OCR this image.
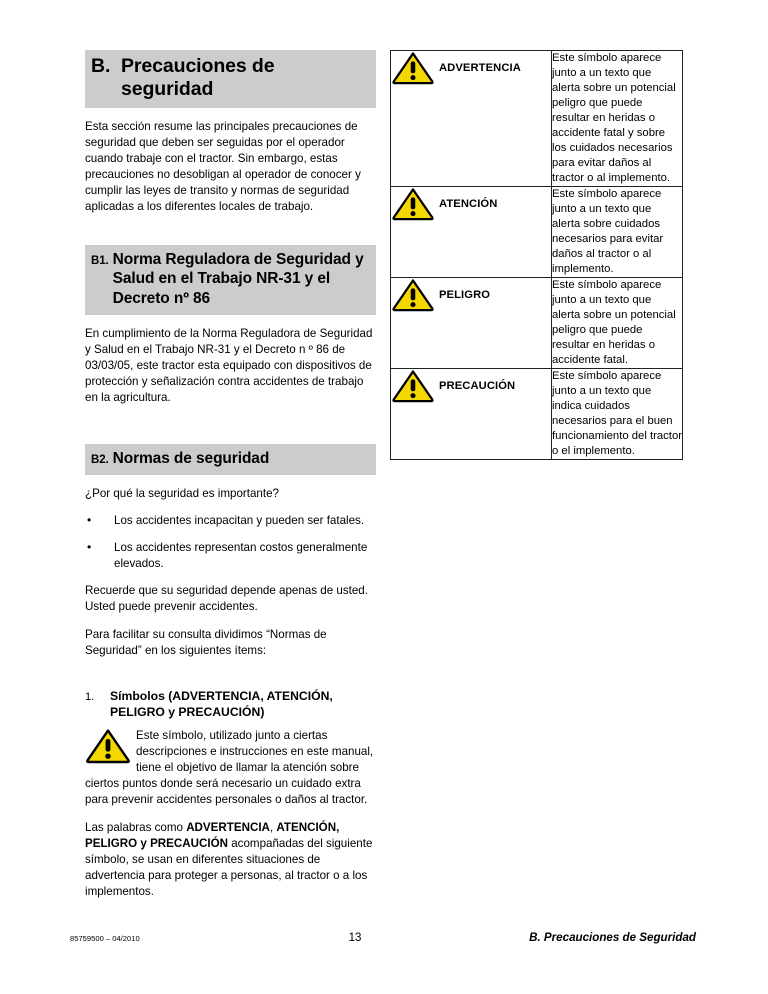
B. Precauciones de seguridad

Esta sección resume las principales precauciones de seguridad que deben ser seguidas por el operador cuando trabaje con el tractor. Sin embargo, estas precauciones no desobligan al operador de conocer y cumplir las leyes de transito y normas de seguridad aplicadas a los diferentes locales de trabajo.

B1. Norma Reguladora de Seguridad y Salud en el Trabajo NR-31 y el Decreto nº 86

En cumplimiento de la Norma Reguladora de Seguridad y Salud en el Trabajo NR-31 y el Decreto n º 86 de 03/03/05, este tractor esta equipado con dispositivos de protección y señalización contra accidentes de trabajo en la agricultura.

B2. Normas de seguridad

¿Por qué la seguridad es importante?

• Los accidentes incapacitan y pueden ser fatales.
• Los accidentes representan costos generalmente elevados.

Recuerde que su seguridad depende apenas de usted. Usted puede prevenir accidentes.

Para facilitar su consulta dividimos “Normas de Seguridad” en los siguientes ítems:

1.	Símbolos (ADVERTENCIA, ATENCIÓN, PELIGRO y PRECAUCIÓN)
Este símbolo, utilizado junto a ciertas descripciones e instrucciones en este manual, tiene el objetivo de llamar la atención sobre ciertos puntos donde será necesario un cuidado extra para prevenir accidentes personales o daños al tractor.

Las palabras como ADVERTENCIA, ATENCIÓN, PELIGRO y PRECAUCIÓN acompañadas del siguiente símbolo, se usan en diferentes situaciones de advertencia para proteger a personas, al tractor o a los implementos.

ADVERTENCIA	Este símbolo aparece junto a un texto que alerta sobre un potencial peligro que puede resultar en heridas o accidente fatal y sobre los cuidados necesarios para evitar daños al tractor o al implemento.

ATENCIÓN	Este símbolo aparece junto a un texto que alerta sobre cuidados necesarios para evitar daños al tractor o al implemento.

PELIGRO	Este símbolo aparece junto a un texto que alerta sobre un potencial peligro que puede resultar en heridas o accidente fatal.

PRECAUCIÓN	Este símbolo aparece junto a un texto que indica cuidados necesarios para el buen funcionamiento del tractor o el implemento.
85759500 – 04/2010	13	B. Precauciones de Seguridad
